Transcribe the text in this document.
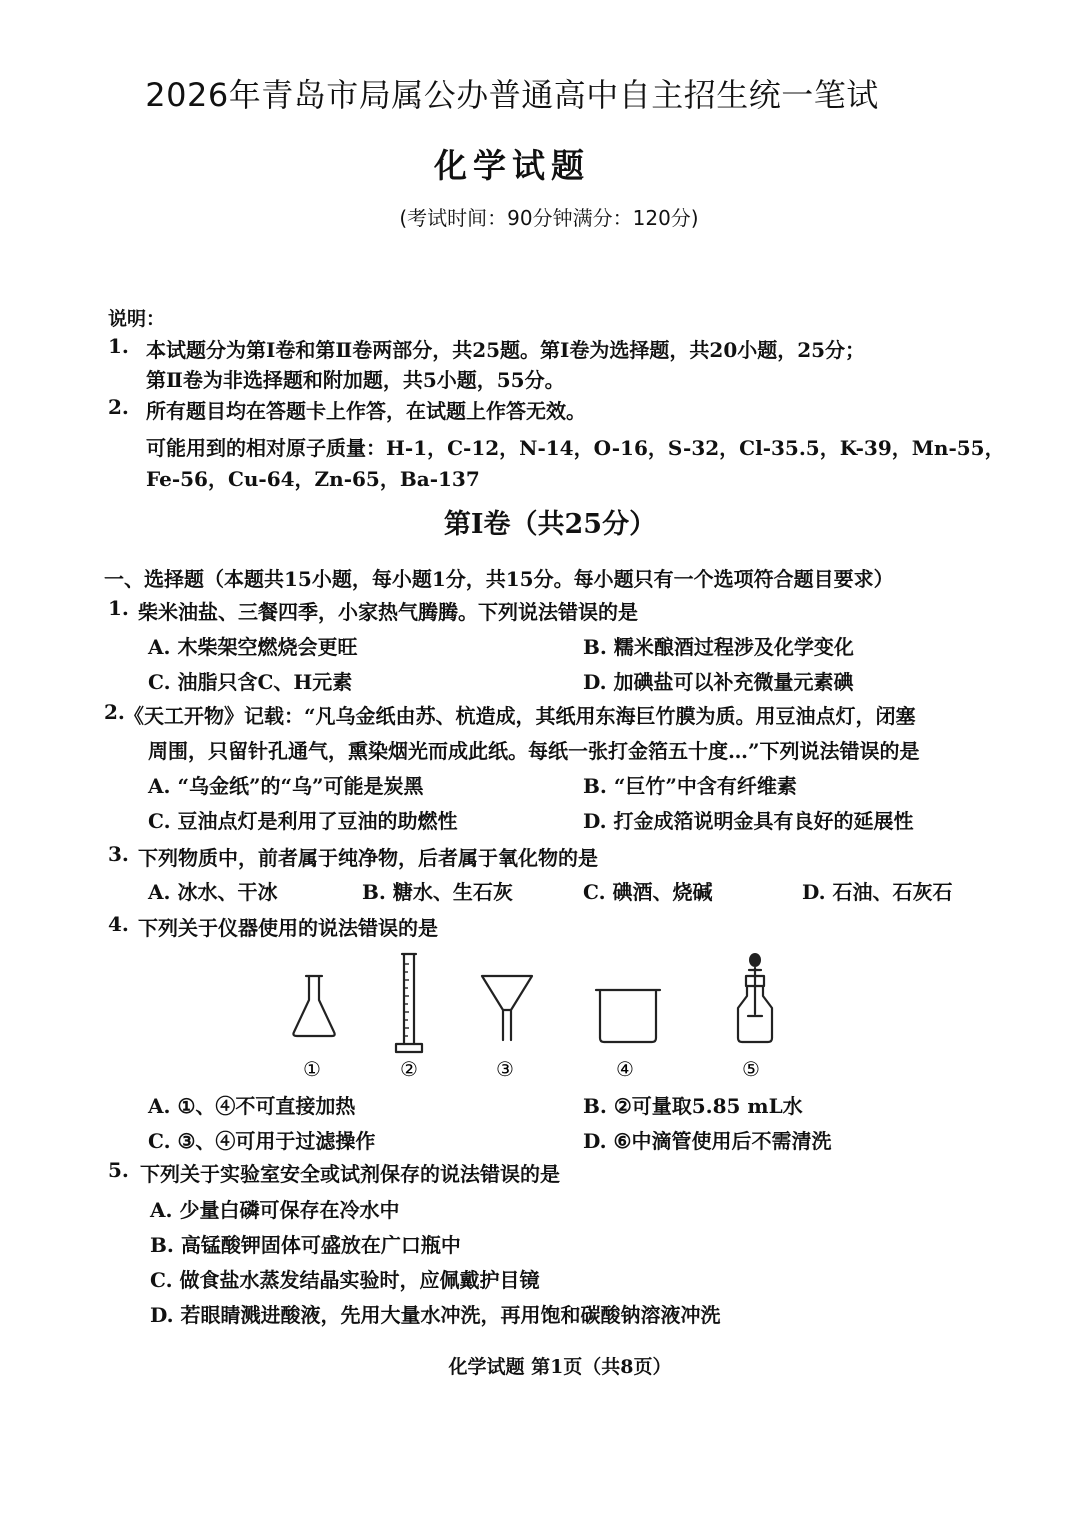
2026年青岛市局属公办普通高中自主招生统一笔试
化学试题
(考试时间：90分钟满分：120分)
说明：
1. 本试题分为第Ⅰ卷和第Ⅱ卷两部分，共25题。第Ⅰ卷为选择题，共20小题，25分；
第Ⅱ卷为非选择题和附加题，共5小题，55分。
2. 所有题目均在答题卡上作答，在试题上作答无效。
可能用到的相对原子质量：H-1，C-12，N-14，O-16，S-32，Cl-35.5，K-39，Mn-55，
Fe-56，Cu-64，Zn-65，Ba-137
第Ⅰ卷（共25分）
一、选择题（本题共15小题，每小题1分，共15分。每小题只有一个选项符合题目要求）
1. 柴米油盐、三餐四季，小家热气腾腾。下列说法错误的是
A. 木柴架空燃烧会更旺	B. 糯米酿酒过程涉及化学变化
C. 油脂只含C、H元素	D. 加碘盐可以补充微量元素碘
2. 《天工开物》记载：“凡乌金纸由苏、杭造成，其纸用东海巨竹膜为质。用豆油点灯，闭塞
周围，只留针孔通气，熏染烟光而成此纸。每纸一张打金箔五十度…”下列说法错误的是
A. “乌金纸”的“乌”可能是炭黑	B. “巨竹”中含有纤维素
C. 豆油点灯是利用了豆油的助燃性	D. 打金成箔说明金具有良好的延展性
3. 下列物质中，前者属于纯净物，后者属于氧化物的是
A. 冰水、干冰	B. 糖水、生石灰	C. 碘酒、烧碱	D. 石油、石灰石
4. 下列关于仪器使用的说法错误的是
①	②	③	④	⑤
A. ①、④不可直接加热	B. ②可量取5.85 mL水
C. ③、④可用于过滤操作	D. ⑥中滴管使用后不需清洗
5. 下列关于实验室安全或试剂保存的说法错误的是
A. 少量白磷可保存在冷水中
B. 高锰酸钾固体可盛放在广口瓶中
C. 做食盐水蒸发结晶实验时，应佩戴护目镜
D. 若眼睛溅进酸液，先用大量水冲洗，再用饱和碳酸钠溶液冲洗
化学试题 第1页（共8页）
